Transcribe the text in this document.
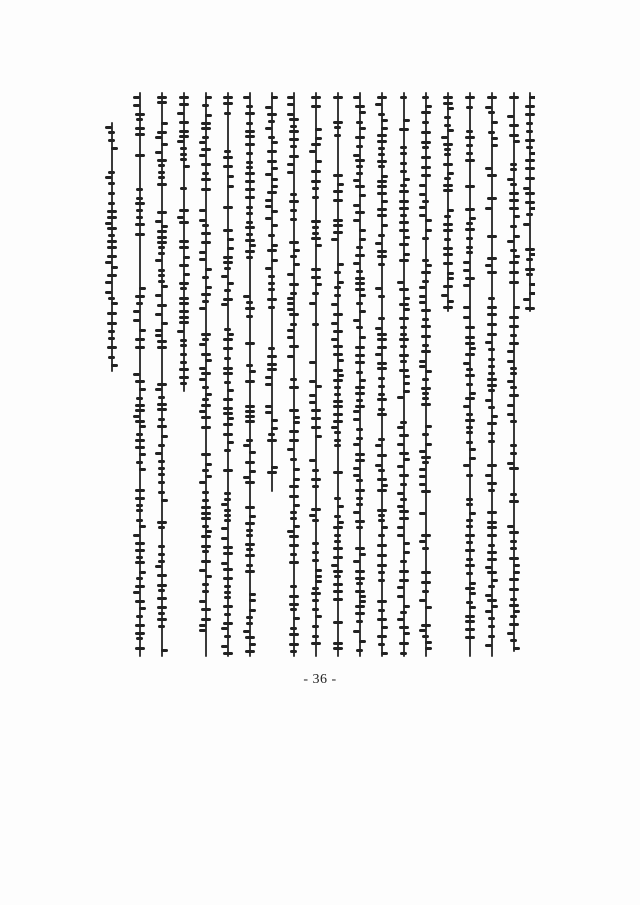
- 36 -
